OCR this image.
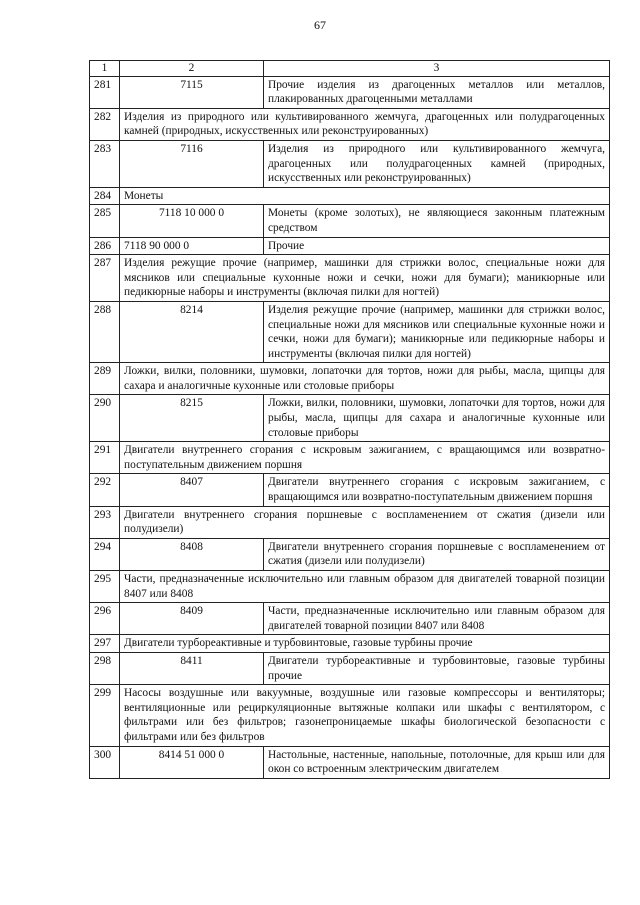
67
1	2	3
281	7115	Прочие изделия из драгоценных металлов или металлов, плакированных драгоценными металлами
282	Изделия из природного или культивированного жемчуга, драгоценных или полудрагоценных камней (природных, искусственных или реконструированных)	
283	7116	Изделия из природного или культивированного жемчуга, драгоценных или полудрагоценных камней (природных, искусственных или реконструированных)
284	Монеты	
285	7118 10 000 0	Монеты (кроме золотых), не являющиеся законным платежным средством
286	7118 90 000 0	Прочие
287	Изделия режущие прочие (например, машинки для стрижки волос, специальные ножи для мясников или специальные кухонные ножи и сечки, ножи для бумаги); маникюрные или педикюрные наборы и инструменты (включая пилки для ногтей)	
288	8214	Изделия режущие прочие (например, машинки для стрижки волос, специальные ножи для мясников или специальные кухонные ножи и сечки, ножи для бумаги); маникюрные или педикюрные наборы и инструменты (включая пилки для ногтей)
289	Ложки, вилки, половники, шумовки, лопаточки для тортов, ножи для рыбы, масла, щипцы для сахара и аналогичные кухонные или столовые приборы	
290	8215	Ложки, вилки, половники, шумовки, лопаточки для тортов, ножи для рыбы, масла, щипцы для сахара и аналогичные кухонные или столовые приборы
291	Двигатели внутреннего сгорания с искровым зажиганием, с вращающимся или возвратно-поступательным движением поршня	
292	8407	Двигатели внутреннего сгорания с искровым зажиганием, с вращающимся или возвратно-поступательным движением поршня
293	Двигатели внутреннего сгорания поршневые с воспламенением от сжатия (дизели или полудизели)	
294	8408	Двигатели внутреннего сгорания поршневые с воспламенением от сжатия (дизели или полудизели)
295	Части, предназначенные исключительно или главным образом для двигателей товарной позиции 8407 или 8408	
296	8409	Части, предназначенные исключительно или главным образом для двигателей товарной позиции 8407 или 8408
297	Двигатели турбореактивные и турбовинтовые, газовые турбины прочие	
298	8411	Двигатели турбореактивные и турбовинтовые, газовые турбины прочие
299	Насосы воздушные или вакуумные, воздушные или газовые компрессоры и вентиляторы; вентиляционные или рециркуляционные вытяжные колпаки или шкафы с вентилятором, с фильтрами или без фильтров; газонепроницаемые шкафы биологической безопасности с фильтрами или без фильтров	
300	8414 51 000 0	Настольные, настенные, напольные, потолочные, для крыш или для окон со встроенным электрическим двигателем
